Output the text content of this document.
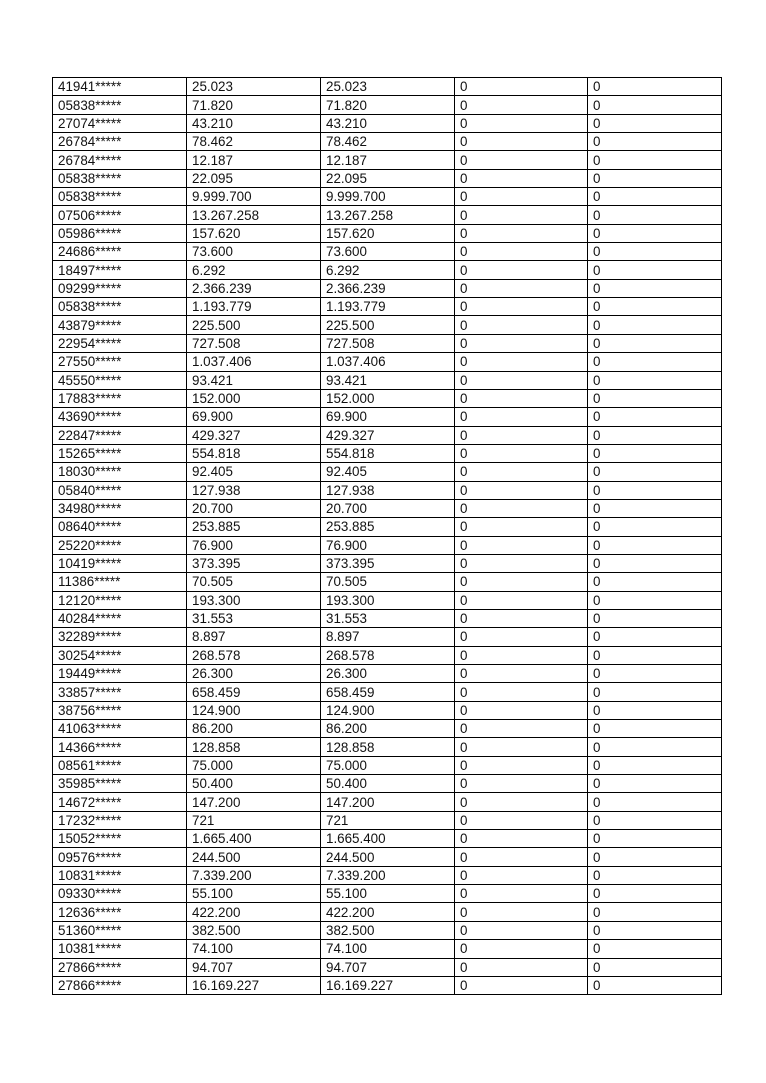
41941*****	25.023	25.023	0	0
05838*****	71.820	71.820	0	0
27074*****	43.210	43.210	0	0
26784*****	78.462	78.462	0	0
26784*****	12.187	12.187	0	0
05838*****	22.095	22.095	0	0
05838*****	9.999.700	9.999.700	0	0
07506*****	13.267.258	13.267.258	0	0
05986*****	157.620	157.620	0	0
24686*****	73.600	73.600	0	0
18497*****	6.292	6.292	0	0
09299*****	2.366.239	2.366.239	0	0
05838*****	1.193.779	1.193.779	0	0
43879*****	225.500	225.500	0	0
22954*****	727.508	727.508	0	0
27550*****	1.037.406	1.037.406	0	0
45550*****	93.421	93.421	0	0
17883*****	152.000	152.000	0	0
43690*****	69.900	69.900	0	0
22847*****	429.327	429.327	0	0
15265*****	554.818	554.818	0	0
18030*****	92.405	92.405	0	0
05840*****	127.938	127.938	0	0
34980*****	20.700	20.700	0	0
08640*****	253.885	253.885	0	0
25220*****	76.900	76.900	0	0
10419*****	373.395	373.395	0	0
11386*****	70.505	70.505	0	0
12120*****	193.300	193.300	0	0
40284*****	31.553	31.553	0	0
32289*****	8.897	8.897	0	0
30254*****	268.578	268.578	0	0
19449*****	26.300	26.300	0	0
33857*****	658.459	658.459	0	0
38756*****	124.900	124.900	0	0
41063*****	86.200	86.200	0	0
14366*****	128.858	128.858	0	0
08561*****	75.000	75.000	0	0
35985*****	50.400	50.400	0	0
14672*****	147.200	147.200	0	0
17232*****	721	721	0	0
15052*****	1.665.400	1.665.400	0	0
09576*****	244.500	244.500	0	0
10831*****	7.339.200	7.339.200	0	0
09330*****	55.100	55.100	0	0
12636*****	422.200	422.200	0	0
51360*****	382.500	382.500	0	0
10381*****	74.100	74.100	0	0
27866*****	94.707	94.707	0	0
27866*****	16.169.227	16.169.227	0	0
